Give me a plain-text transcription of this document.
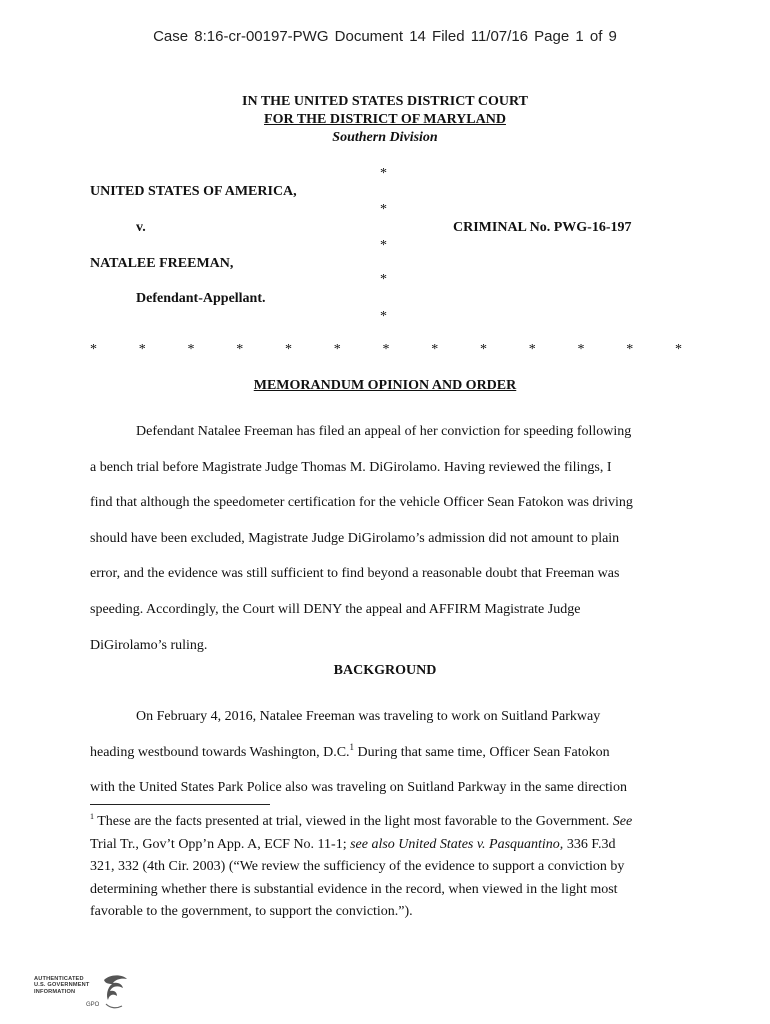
Case 8:16-cr-00197-PWG Document 14 Filed 11/07/16 Page 1 of 9
IN THE UNITED STATES DISTRICT COURT
FOR THE DISTRICT OF MARYLAND
Southern Division
*
*
*
*
*
UNITED STATES OF AMERICA,
v.	CRIMINAL No. PWG-16-197
NATALEE FREEMAN,
Defendant-Appellant.
*	*	*	*	*	*	*	*	*	*	*	*	*
MEMORANDUM OPINION AND ORDER
Defendant Natalee Freeman has filed an appeal of her conviction for speeding following
a bench trial before Magistrate Judge Thomas M. DiGirolamo. Having reviewed the filings, I
find that although the speedometer certification for the vehicle Officer Sean Fatokon was driving
should have been excluded, Magistrate Judge DiGirolamo’s admission did not amount to plain
error, and the evidence was still sufficient to find beyond a reasonable doubt that Freeman was
speeding. Accordingly, the Court will DENY the appeal and AFFIRM Magistrate Judge
DiGirolamo’s ruling.
BACKGROUND
On February 4, 2016, Natalee Freeman was traveling to work on Suitland Parkway
heading westbound towards Washington, D.C.$^1$ During that same time, Officer Sean Fatokon
with the United States Park Police also was traveling on Suitland Parkway in the same direction
$^1$ These are the facts presented at trial, viewed in the light most favorable to the Government. See
Trial Tr., Gov’t Opp’n App. A, ECF No. 11-1; see also United States v. Pasquantino, 336 F.3d
321, 332 (4th Cir. 2003) (“We review the sufficiency of the evidence to support a conviction by
determining whether there is substantial evidence in the record, when viewed in the light most
favorable to the government, to support the conviction.”).
AUTHENTICATED
U.S. GOVERNMENT
INFORMATION
GPO
